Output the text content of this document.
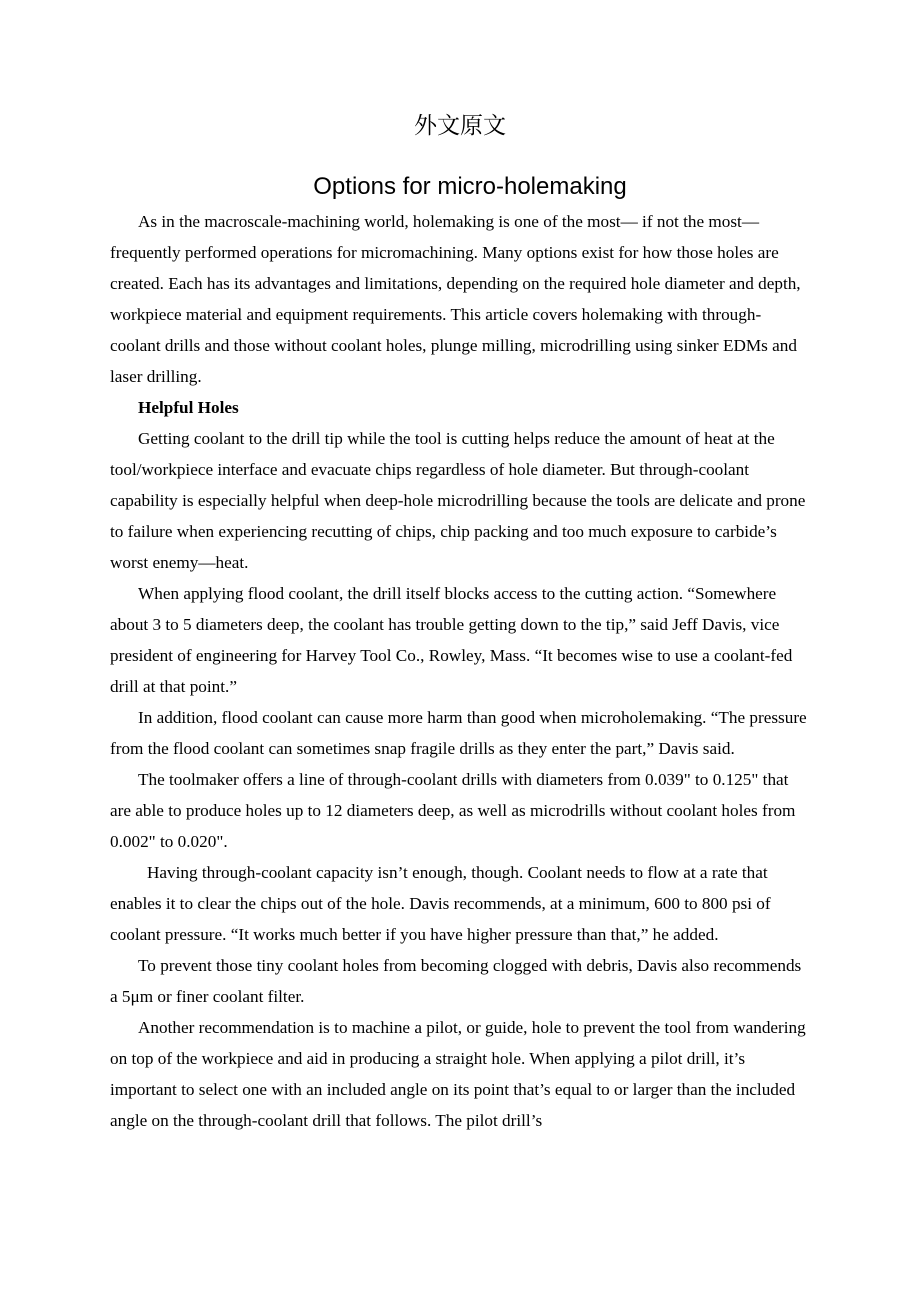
外文原文
Options for micro-holemaking

As in the macroscale-machining world, holemaking is one of the most— if not the most—frequently performed operations for micromachining. Many options exist for how those holes are created. Each has its advantages and limitations, depending on the required hole diameter and depth, workpiece material and equipment requirements. This article covers holemaking with through-coolant drills and those without coolant holes, plunge milling, microdrilling using sinker EDMs and laser drilling.

Helpful Holes

Getting coolant to the drill tip while the tool is cutting helps reduce the amount of heat at the tool/workpiece interface and evacuate chips regardless of hole diameter. But through-coolant capability is especially helpful when deep-hole microdrilling because the tools are delicate and prone to failure when experiencing recutting of chips, chip packing and too much exposure to carbide’s worst enemy—heat.

When applying flood coolant, the drill itself blocks access to the cutting action. “Somewhere about 3 to 5 diameters deep, the coolant has trouble getting down to the tip,” said Jeff Davis, vice president of engineering for Harvey Tool Co., Rowley, Mass. “It becomes wise to use a coolant-fed drill at that point.”

In addition, flood coolant can cause more harm than good when microholemaking. “The pressure from the flood coolant can sometimes snap fragile drills as they enter the part,” Davis said.

The toolmaker offers a line of through-coolant drills with diameters from 0.039" to 0.125" that are able to produce holes up to 12 diameters deep, as well as microdrills without coolant holes from 0.002" to 0.020".

Having through-coolant capacity isn’t enough, though. Coolant needs to flow at a rate that enables it to clear the chips out of the hole. Davis recommends, at a minimum, 600 to 800 psi of coolant pressure. “It works much better if you have higher pressure than that,” he added.

To prevent those tiny coolant holes from becoming clogged with debris, Davis also recommends a 5μm or finer coolant filter.

Another recommendation is to machine a pilot, or guide, hole to prevent the tool from wandering on top of the workpiece and aid in producing a straight hole. When applying a pilot drill, it’s important to select one with an included angle on its point that’s equal to or larger than the included angle on the through-coolant drill that follows. The pilot drill’s
